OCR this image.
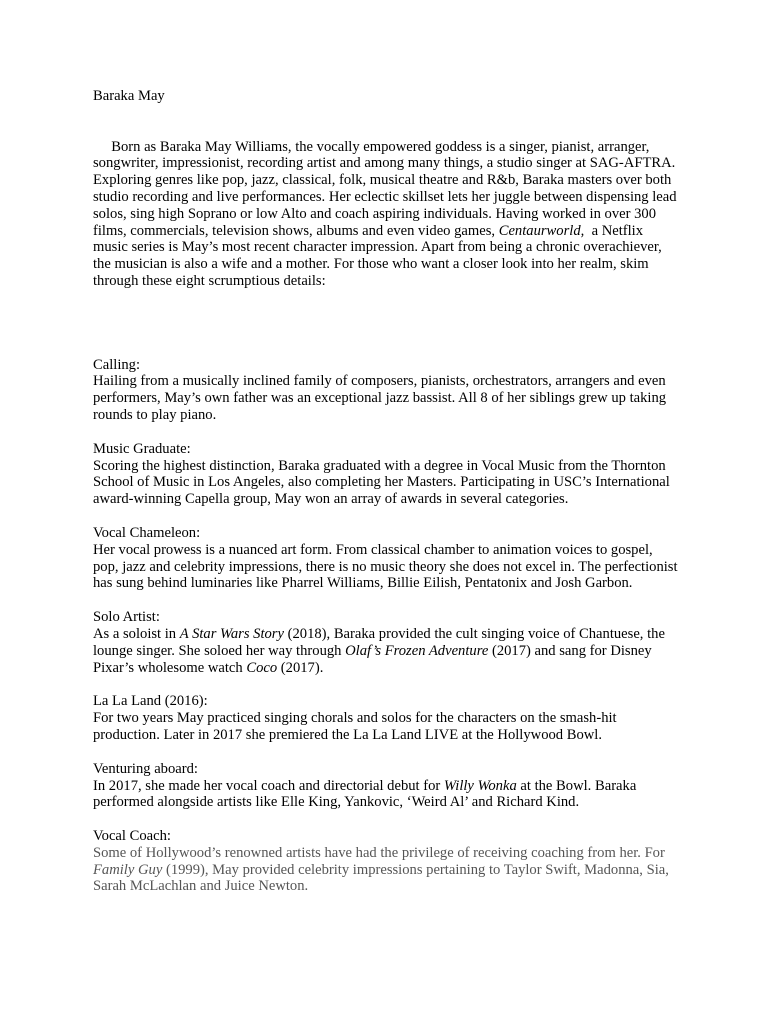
Baraka May

Born as Baraka May Williams, the vocally empowered goddess is a singer, pianist, arranger, songwriter, impressionist, recording artist and among many things, a studio singer at SAG-AFTRA. Exploring genres like pop, jazz, classical, folk, musical theatre and R&b, Baraka masters over both studio recording and live performances. Her eclectic skillset lets her juggle between dispensing lead solos, sing high Soprano or low Alto and coach aspiring individuals. Having worked in over 300 films, commercials, television shows, albums and even video games, Centaurworld,  a Netflix music series is May’s most recent character impression. Apart from being a chronic overachiever, the musician is also a wife and a mother. For those who want a closer look into her realm, skim through these eight scrumptious details:

Calling:

Hailing from a musically inclined family of composers, pianists, orchestrators, arrangers and even performers, May’s own father was an exceptional jazz bassist. All 8 of her siblings grew up taking rounds to play piano.

Music Graduate:

Scoring the highest distinction, Baraka graduated with a degree in Vocal Music from the Thornton School of Music in Los Angeles, also completing her Masters. Participating in USC’s International award-winning Capella group, May won an array of awards in several categories.

Vocal Chameleon:

Her vocal prowess is a nuanced art form. From classical chamber to animation voices to gospel, pop, jazz and celebrity impressions, there is no music theory she does not excel in. The perfectionist has sung behind luminaries like Pharrel Williams, Billie Eilish, Pentatonix and Josh Garbon.

Solo Artist:

As a soloist in A Star Wars Story (2018), Baraka provided the cult singing voice of Chantuese, the lounge singer. She soloed her way through Olaf’s Frozen Adventure (2017) and sang for Disney Pixar’s wholesome watch Coco (2017).

La La Land (2016):

For two years May practiced singing chorals and solos for the characters on the smash-hit production. Later in 2017 she premiered the La La Land LIVE at the Hollywood Bowl.

Venturing aboard:

In 2017, she made her vocal coach and directorial debut for Willy Wonka at the Bowl. Baraka performed alongside artists like Elle King, Yankovic, ‘Weird Al’ and Richard Kind.

Vocal Coach:

Some of Hollywood’s renowned artists have had the privilege of receiving coaching from her. For Family Guy (1999), May provided celebrity impressions pertaining to Taylor Swift, Madonna, Sia, Sarah McLachlan and Juice Newton.
